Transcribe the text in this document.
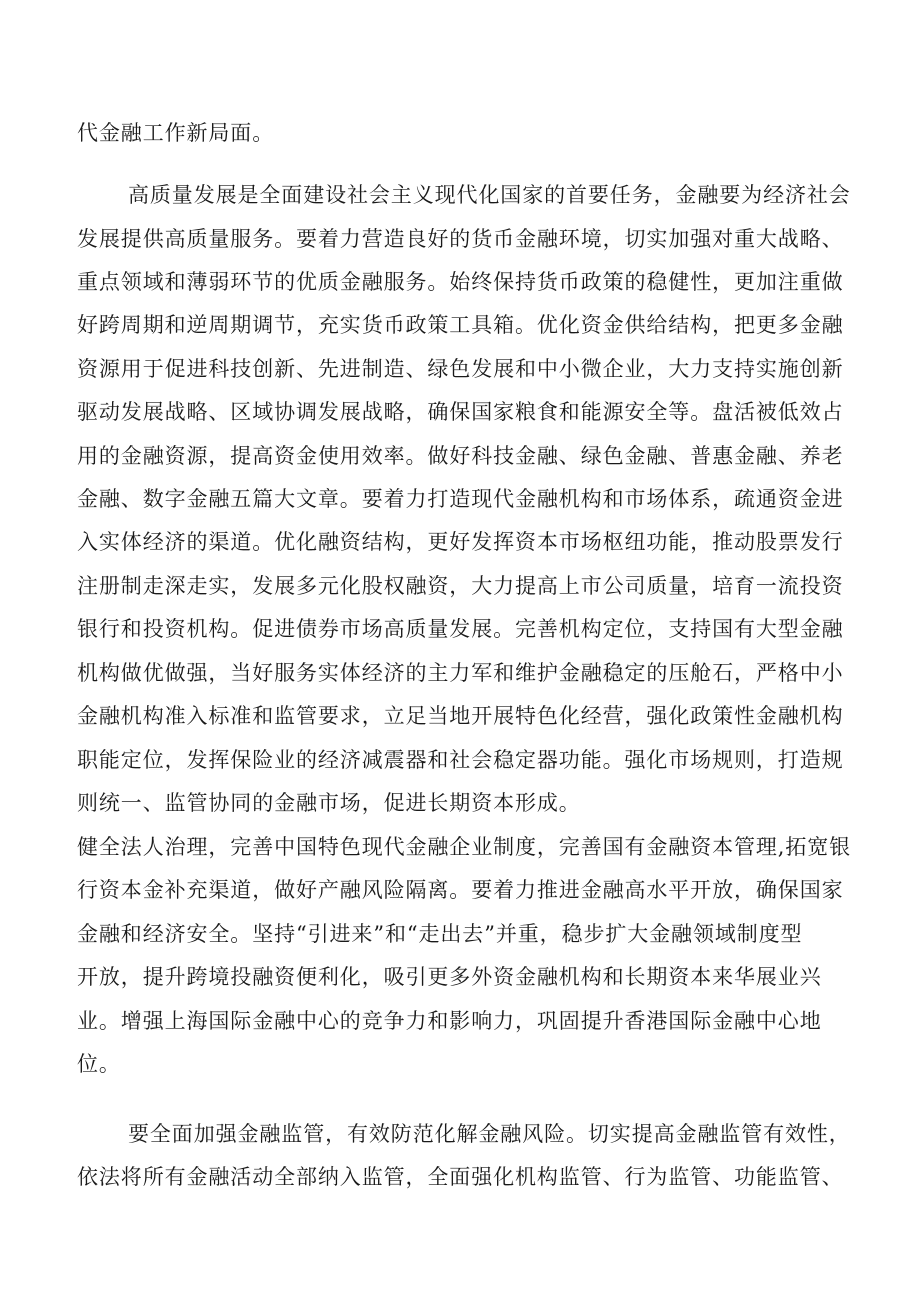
代金融工作新局面。

高质量发展是全面建设社会主义现代化国家的首要任务，金融要为经济社会

发展提供高质量服务。要着力营造良好的货币金融环境，切实加强对重大战略、

重点领域和薄弱环节的优质金融服务。始终保持货币政策的稳健性，更加注重做

好跨周期和逆周期调节，充实货币政策工具箱。优化资金供给结构，把更多金融

资源用于促进科技创新、先进制造、绿色发展和中小微企业，大力支持实施创新

驱动发展战略、区域协调发展战略，确保国家粮食和能源安全等。盘活被低效占

用的金融资源，提高资金使用效率。做好科技金融、绿色金融、普惠金融、养老

金融、数字金融五篇大文章。要着力打造现代金融机构和市场体系，疏通资金进

入实体经济的渠道。优化融资结构，更好发挥资本市场枢纽功能，推动股票发行

注册制走深走实，发展多元化股权融资，大力提高上市公司质量，培育一流投资

银行和投资机构。促进债券市场高质量发展。完善机构定位，支持国有大型金融

机构做优做强，当好服务实体经济的主力军和维护金融稳定的压舱石，严格中小

金融机构准入标准和监管要求，立足当地开展特色化经营，强化政策性金融机构

职能定位，发挥保险业的经济减震器和社会稳定器功能。强化市场规则，打造规

则统一、监管协同的金融市场，促进长期资本形成。

健全法人治理，完善中国特色现代金融企业制度，完善国有金融资本管理,拓宽银

行资本金补充渠道，做好产融风险隔离。要着力推进金融高水平开放，确保国家

金融和经济安全。坚持“引进来”和“走出去”并重，稳步扩大金融领域制度型

开放，提升跨境投融资便利化，吸引更多外资金融机构和长期资本来华展业兴

业。增强上海国际金融中心的竞争力和影响力，巩固提升香港国际金融中心地

位。

要全面加强金融监管，有效防范化解金融风险。切实提高金融监管有效性，

依法将所有金融活动全部纳入监管，全面强化机构监管、行为监管、功能监管、
